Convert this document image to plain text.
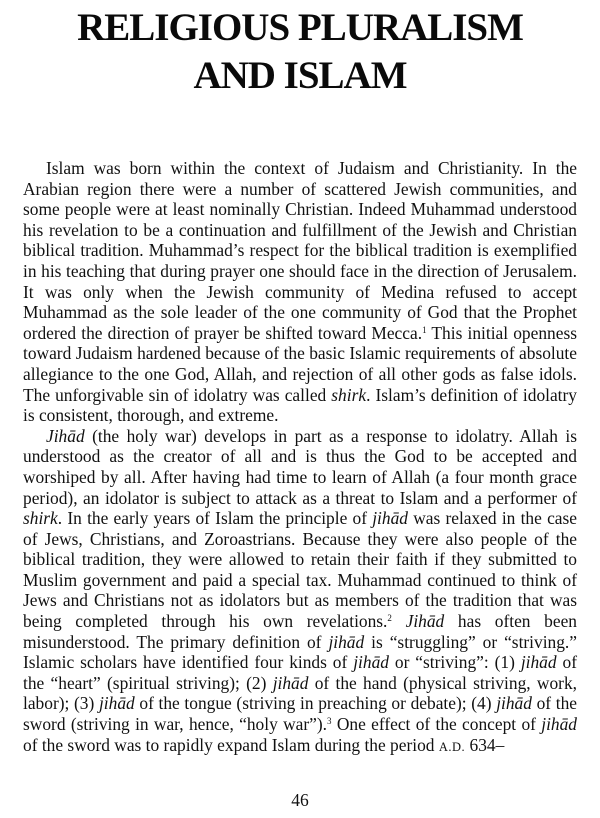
RELIGIOUS PLURALISM
AND ISLAM

Islam was born within the context of Judaism and Christianity. In the Arabian region there were a number of scattered Jewish communities, and some people were at least nominally Christian. Indeed Muhammad understood his revelation to be a continuation and fulfillment of the Jewish and Christian biblical tradition. Muhammad’s respect for the biblical tradition is exemplified in his teaching that during prayer one should face in the direction of Jerusalem. It was only when the Jewish community of Medina refused to accept Muhammad as the sole leader of the one community of God that the Prophet ordered the direction of prayer be shifted toward Mecca.$^1$ This initial openness toward Judaism hardened because of the basic Islamic requirements of absolute allegiance to the one God, Allah, and rejection of all other gods as false idols. The unforgivable sin of idolatry was called shirk. Islam’s definition of idolatry is consistent, thorough, and extreme.

Jihād (the holy war) develops in part as a response to idolatry. Allah is understood as the creator of all and is thus the God to be accepted and worshiped by all. After having had time to learn of Allah (a four month grace period), an idolator is subject to attack as a threat to Islam and a performer of shirk. In the early years of Islam the principle of jihād was relaxed in the case of Jews, Christians, and Zoroastrians. Because they were also people of the biblical tradition, they were allowed to retain their faith if they submitted to Muslim government and paid a special tax. Muhammad continued to think of Jews and Christians not as idolators but as members of the tradition that was being completed through his own revelations.$^2$ Jihād has often been misunderstood. The primary definition of jihād is “struggling” or “striving.” Islamic scholars have identified four kinds of jihād or “striving”: (1) jihād of the “heart” (spiritual striving); (2) jihād of the hand (physical striving, work, labor); (3) jihād of the tongue (striving in preaching or debate); (4) jihād of the sword (striving in war, hence, “holy war”).$^3$ One effect of the concept of jihād of the sword was to rapidly expand Islam during the period A.D. 634–

46
